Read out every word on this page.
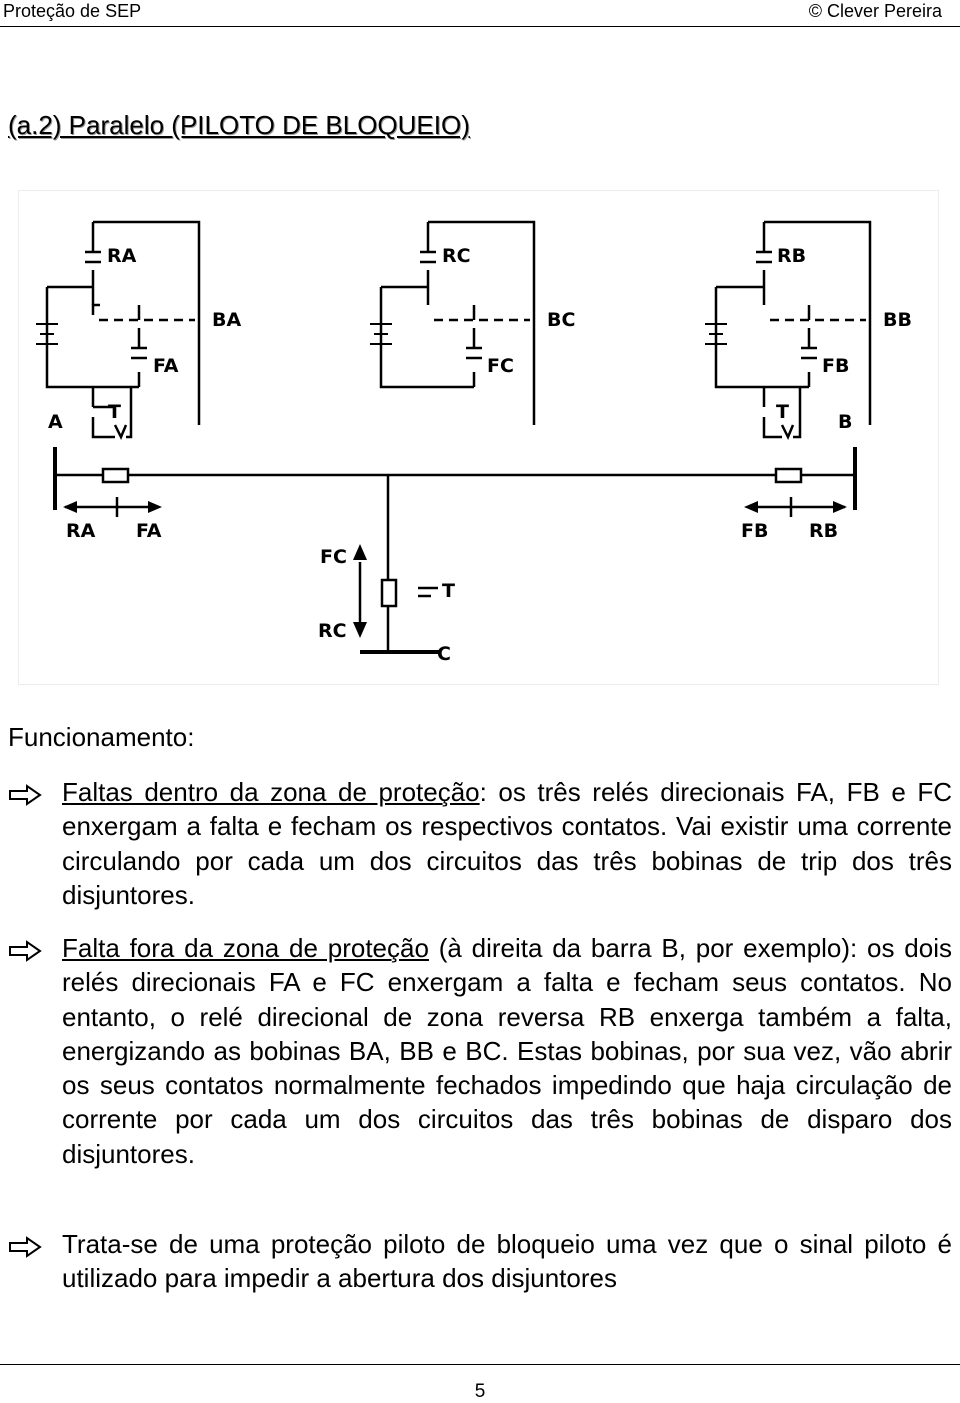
Proteção de SEP	© Clever Pereira
(a.2) Paralelo (PILOTO DE BLOQUEIO)
RA
BA
FA
T
A
RA FA
RC
BC
FC
FC
RC
T
C
RB
BB
FB
T	B
FB RB
Funcionamento:
Faltas dentro da zona de proteção: os três relés direcionais FA, FB e FC enxergam a falta e fecham os respectivos contatos. Vai existir uma corrente circulando por cada um dos circuitos das três bobinas de trip dos três disjuntores.
Falta fora da zona de proteção (à direita da barra B, por exemplo): os dois relés direcionais FA e FC enxergam a falta e fecham seus contatos. No entanto, o relé direcional de zona reversa RB enxerga também a falta, energizando as bobinas BA, BB e BC. Estas bobinas, por sua vez, vão abrir os seus contatos normalmente fechados impedindo que haja circulação de corrente por cada um dos circuitos das três bobinas de disparo dos disjuntores.
Trata-se de uma proteção piloto de bloqueio uma vez que o sinal piloto é utilizado para impedir a abertura dos disjuntores
5
